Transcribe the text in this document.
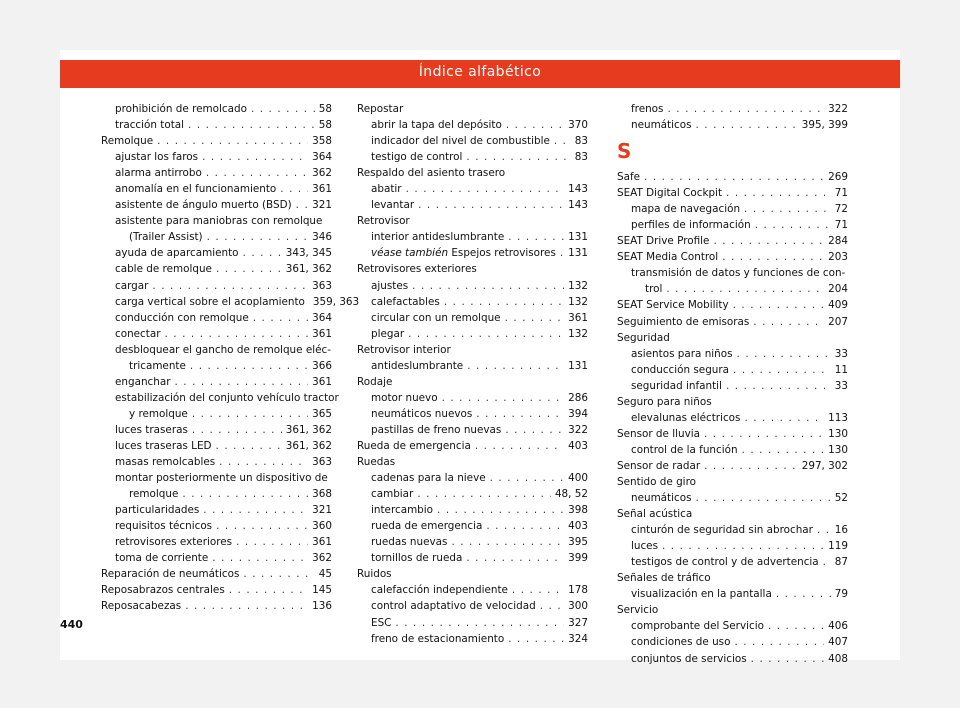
Índice alfabético
prohibición de remolcado . . .	58
tracción total . . .	58
Remolque . . .	358
ajustar los faros . . .	364
alarma antirrobo . . .	362
anomalía en el funcionamiento . . .	361
asistente de ángulo muerto (BSD) . . . 321
asistente para maniobras con remolque
(Trailer Assist) . . .	346
ayuda de aparcamiento . . .	343, 345
cable de remolque . . .	361, 362
cargar . . .	363
carga vertical sobre el acoplamiento 359, 363
conducción con remolque . . .	364
conectar . . .	361
desbloquear el gancho de remolque eléc-
tricamente . . .	366
enganchar . . .	361
estabilización del conjunto vehículo tractor
y remolque . . .	365
luces traseras . . .	361, 362
luces traseras LED . . .	361, 362
masas remolcables . . .	363
montar posteriormente un dispositivo de
remolque . . .	368
particularidades . . .	321
requisitos técnicos . . .	360
retrovisores exteriores . . .	361
toma de corriente . . .	362
Reparación de neumáticos . . .	45
Reposabrazos centrales . . .	145
Reposacabezas . . .	136
Repostar
abrir la tapa del depósito . . .	370
indicador del nivel de combustible . . . 83
testigo de control . . .	83
Respaldo del asiento trasero
abatir . . .	143
levantar . . .	143
Retrovisor
interior antideslumbrante . . .	131
véase también Espejos retrovisores . . . 131
Retrovisores exteriores
ajustes . . .	132
calefactables . . .	132
circular con un remolque . . .	361
plegar . . .	132
Retrovisor interior
antideslumbrante . . .	131
Rodaje
motor nuevo . . .	286
neumáticos nuevos . . .	394
pastillas de freno nuevas . . .	322
Rueda de emergencia . . .	403
Ruedas
cadenas para la nieve . . .	400
cambiar . . .	48, 52
intercambio . . .	398
rueda de emergencia . . .	403
ruedas nuevas . . .	395
tornillos de rueda . . .	399
Ruidos
calefacción independiente . . .	178
control adaptativo de velocidad . . .	300
ESC . . .	327
freno de estacionamiento . . .	324
frenos . . .	322
neumáticos . . .	395, 399
S
Safe . . .	269
SEAT Digital Cockpit . . .	71
mapa de navegación . . .	72
perfiles de información . . .	71
SEAT Drive Profile . . .	284
SEAT Media Control . . .	203
transmisión de datos y funciones de con-
trol . . .	204
SEAT Service Mobility . . .	409
Seguimiento de emisoras . . .	207
Seguridad
asientos para niños . . .	33
conducción segura . . .	11
seguridad infantil . . .	33
Seguro para niños
elevalunas eléctricos . . .	113
Sensor de lluvia . . .	130
control de la función . . .	130
Sensor de radar . . .	297, 302
Sentido de giro
neumáticos . . .	52
Señal acústica
cinturón de seguridad sin abrochar . . . 16
luces . . .	119
testigos de control y de advertencia . . . 87
Señales de tráfico
visualización en la pantalla . . .	79
Servicio
comprobante del Servicio . . .	406
condiciones de uso . . .	407
conjuntos de servicios . . .	408
440
